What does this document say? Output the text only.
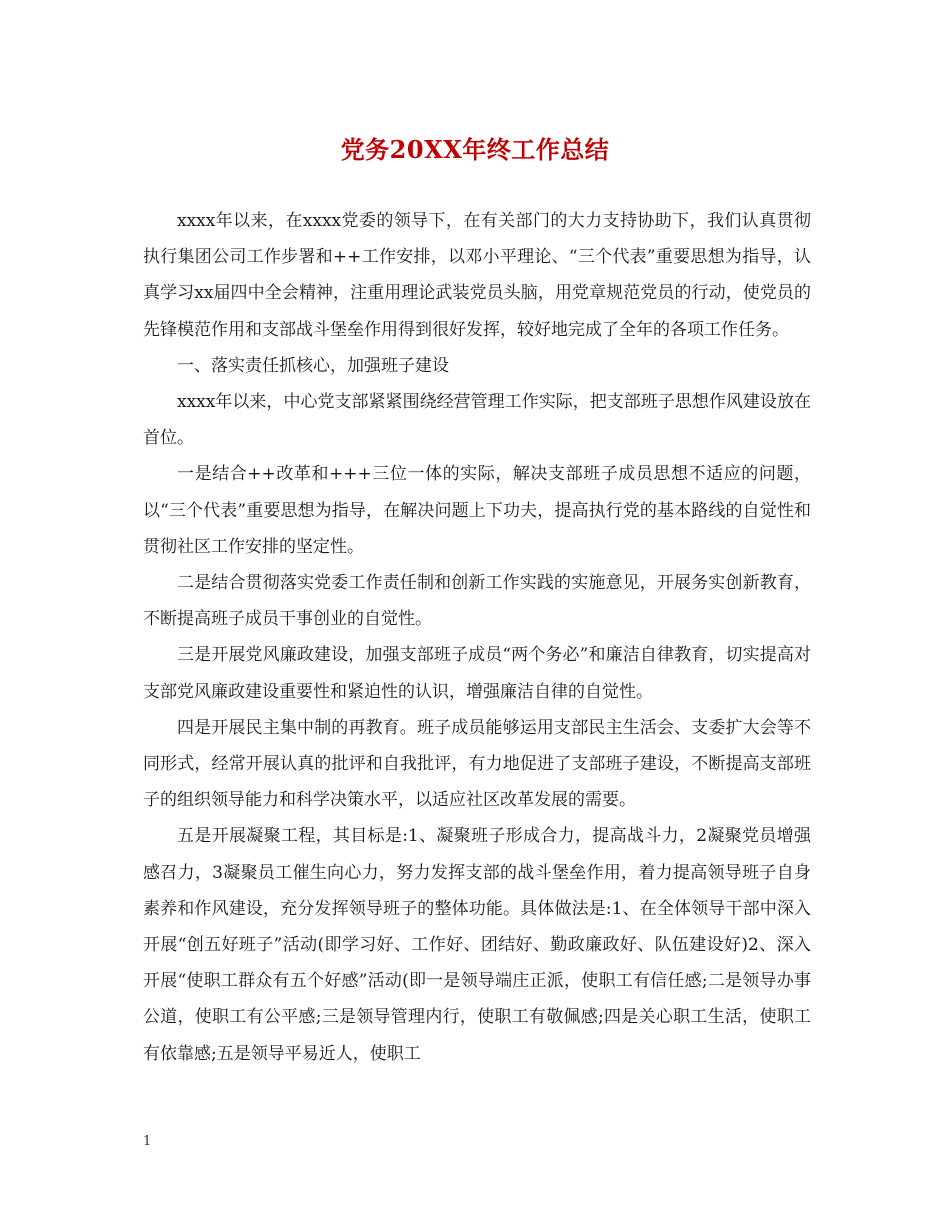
党务20XX年终工作总结

xxxx年以来，在xxxx党委的领导下，在有关部门的大力支持协助下，我们认真贯彻执行集团公司工作步署和++工作安排，以邓小平理论、“三个代表”重要思想为指导，认真学习xx届四中全会精神，注重用理论武装党员头脑，用党章规范党员的行动，使党员的先锋模范作用和支部战斗堡垒作用得到很好发挥，较好地完成了全年的各项工作任务。

一、落实责任抓核心，加强班子建设

xxxx年以来，中心党支部紧紧围绕经营管理工作实际，把支部班子思想作风建设放在首位。

一是结合++改革和+++三位一体的实际，解决支部班子成员思想不适应的问题，以“三个代表”重要思想为指导，在解决问题上下功夫，提高执行党的基本路线的自觉性和贯彻社区工作安排的坚定性。

二是结合贯彻落实党委工作责任制和创新工作实践的实施意见，开展务实创新教育，不断提高班子成员干事创业的自觉性。

三是开展党风廉政建设，加强支部班子成员“两个务必”和廉洁自律教育，切实提高对支部党风廉政建设重要性和紧迫性的认识，增强廉洁自律的自觉性。

四是开展民主集中制的再教育。班子成员能够运用支部民主生活会、支委扩大会等不同形式，经常开展认真的批评和自我批评，有力地促进了支部班子建设，不断提高支部班子的组织领导能力和科学决策水平，以适应社区改革发展的需要。

五是开展凝聚工程，其目标是:1、凝聚班子形成合力，提高战斗力，2凝聚党员增强感召力，3凝聚员工催生向心力，努力发挥支部的战斗堡垒作用，着力提高领导班子自身素养和作风建设，充分发挥领导班子的整体功能。具体做法是:1、在全体领导干部中深入开展“创五好班子”活动(即学习好、工作好、团结好、勤政廉政好、队伍建设好)2、深入开展“使职工群众有五个好感”活动(即一是领导端庄正派，使职工有信任感;二是领导办事公道，使职工有公平感;三是领导管理内行，使职工有敬佩感;四是关心职工生活，使职工有依靠感;五是领导平易近人，使职工

1
